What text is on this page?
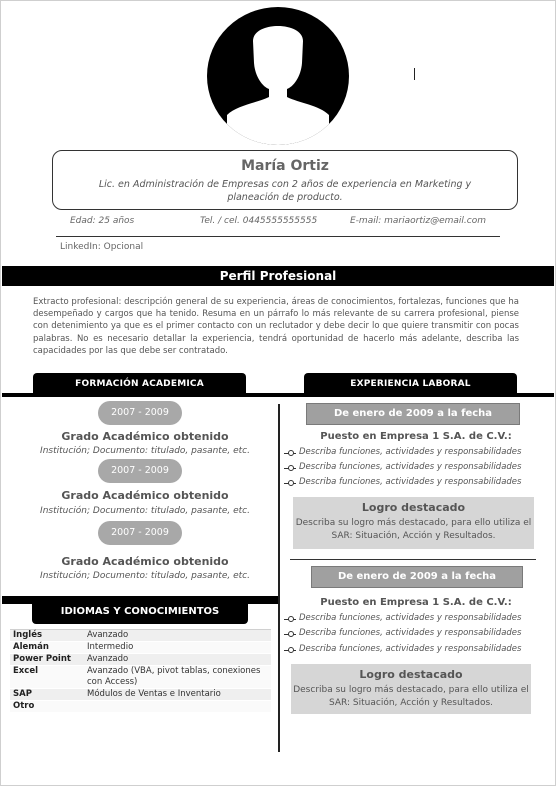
María Ortiz
Lic. en Administración de Empresas con 2 años de experiencia en Marketing y planeación de producto.
Edad: 25 años	Tel. / cel. 0445555555555	E-mail: mariaortiz@email.com
LinkedIn: Opcional
Perfil Profesional
Extracto profesional: descripción general de su experiencia, áreas de conocimientos, fortalezas, funciones que ha desempeñado y cargos que ha tenido. Resuma en un párrafo lo más relevante de su carrera profesional, piense con detenimiento ya que es el primer contacto con un reclutador y debe decir lo que quiere transmitir con pocas palabras. No es necesario detallar la experiencia, tendrá oportunidad de hacerlo más adelante, describa las capacidades por las que debe ser contratado.
FORMACIÓN ACADEMICA	EXPERIENCIA LABORAL
2007 - 2009
Grado Académico obtenido
Institución; Documento: titulado, pasante, etc.
2007 - 2009
Grado Académico obtenido
Institución; Documento: titulado, pasante, etc.
2007 - 2009
Grado Académico obtenido
Institución; Documento: titulado, pasante, etc.
De enero de 2009 a la fecha
Puesto en Empresa 1 S.A. de C.V.:
Describa funciones, actividades y responsabilidades
Describa funciones, actividades y responsabilidades
Describa funciones, actividades y responsabilidades
Logro destacado
Describa su logro más destacado, para ello utiliza el SAR: Situación, Acción y Resultados.
De enero de 2009 a la fecha
Puesto en Empresa 1 S.A. de C.V.:
Describa funciones, actividades y responsabilidades
Describa funciones, actividades y responsabilidades
Describa funciones, actividades y responsabilidades
Logro destacado
Describa su logro más destacado, para ello utiliza el SAR: Situación, Acción y Resultados.
IDIOMAS Y CONOCIMIENTOS
Inglés	Avanzado
Alemán	Intermedio
Power Point	Avanzado
Excel	Avanzado (VBA, pivot tablas, conexiones con Access)
SAP	Módulos de Ventas e Inventario
Otro	
